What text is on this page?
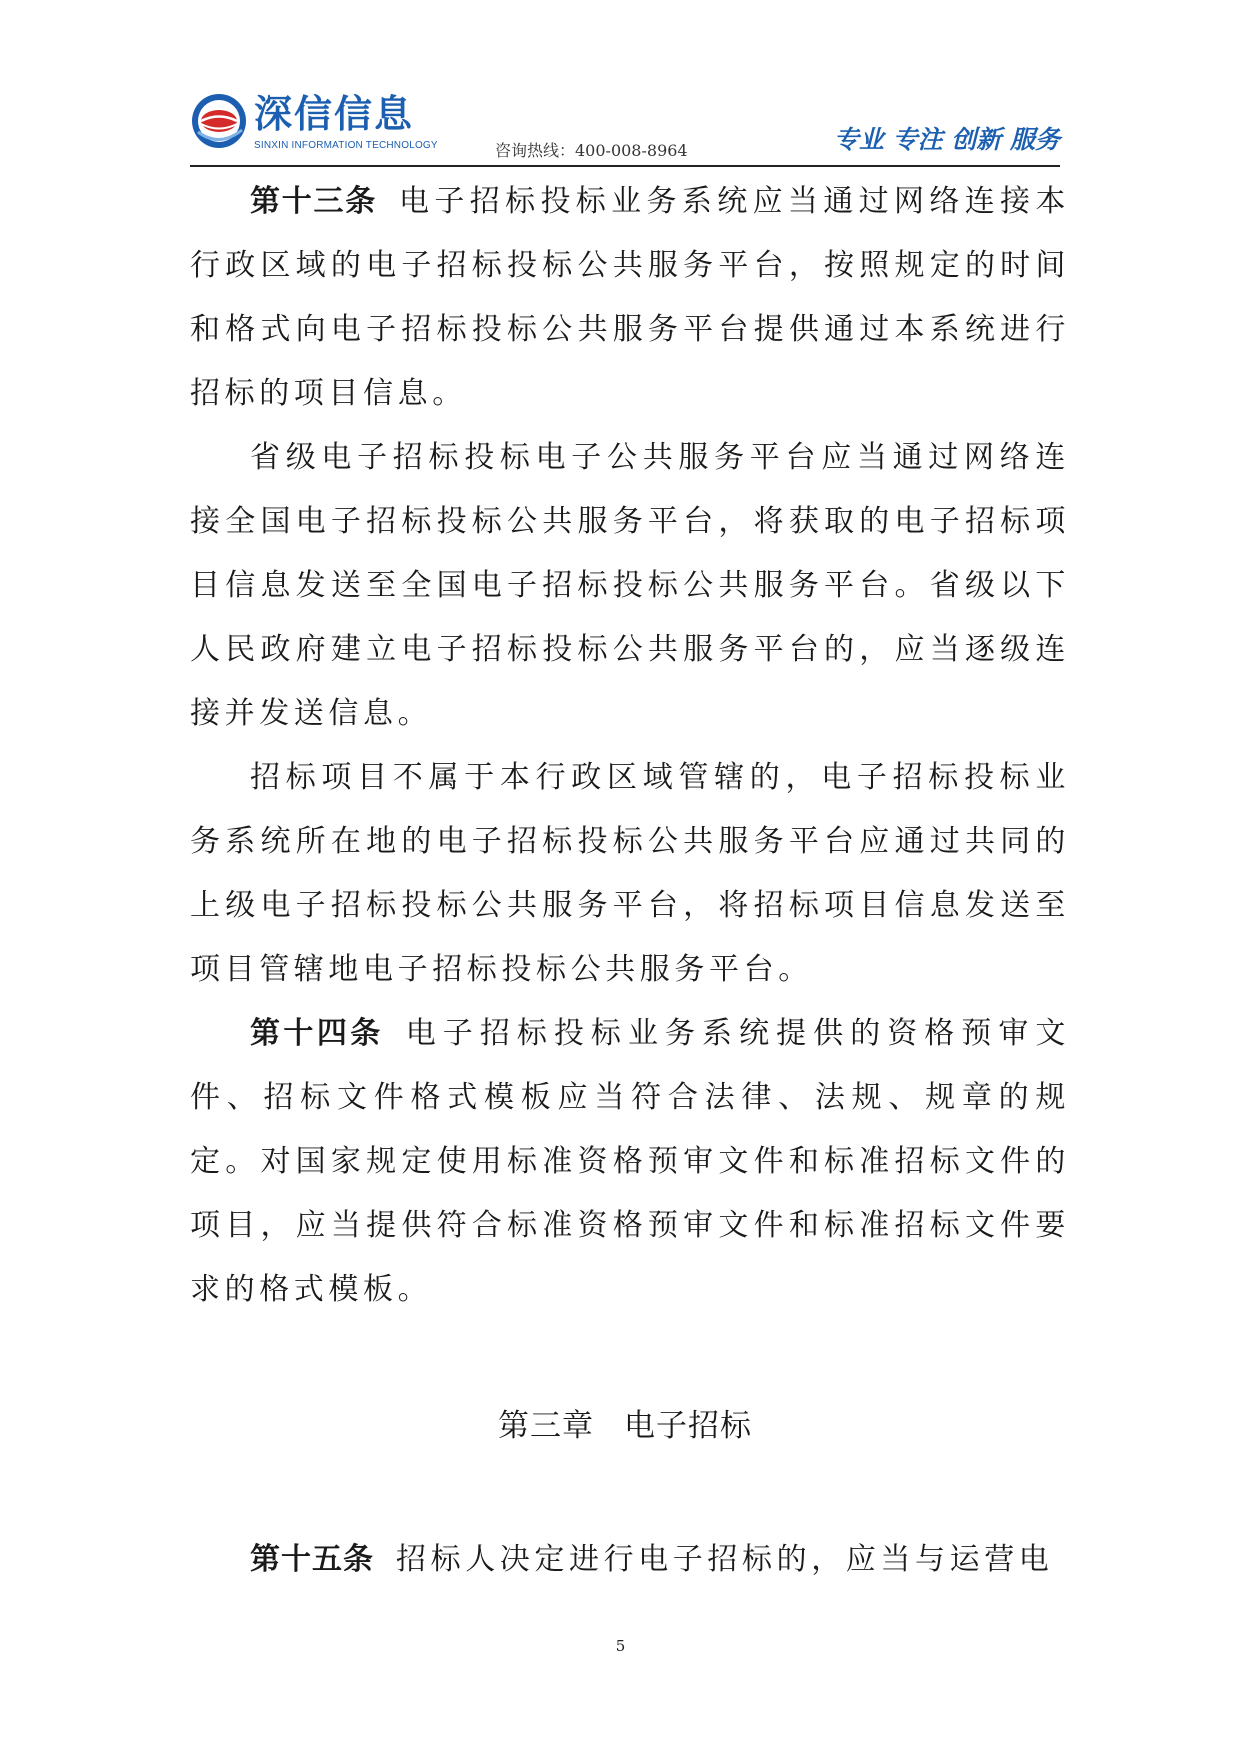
深信信息
SINXIN INFORMATION TECHNOLOGY	咨询热线：400-008-8964	专业 专注 创新 服务

第十三条 电子招标投标业务系统应当通过网络连接本行政区域的电子招标投标公共服务平台，按照规定的时间和格式向电子招标投标公共服务平台提供通过本系统进行招标的项目信息。

省级电子招标投标电子公共服务平台应当通过网络连接全国电子招标投标公共服务平台，将获取的电子招标项目信息发送至全国电子招标投标公共服务平台。省级以下人民政府建立电子招标投标公共服务平台的，应当逐级连接并发送信息。

招标项目不属于本行政区域管辖的，电子招标投标业务系统所在地的电子招标投标公共服务平台应通过共同的上级电子招标投标公共服务平台，将招标项目信息发送至项目管辖地电子招标投标公共服务平台。

第十四条 电子招标投标业务系统提供的资格预审文件、招标文件格式模板应当符合法律、法规、规章的规定。对国家规定使用标准资格预审文件和标准招标文件的项目，应当提供符合标准资格预审文件和标准招标文件要求的格式模板。

第三章 电子招标

第十五条 招标人决定进行电子招标的，应当与运营电

5
